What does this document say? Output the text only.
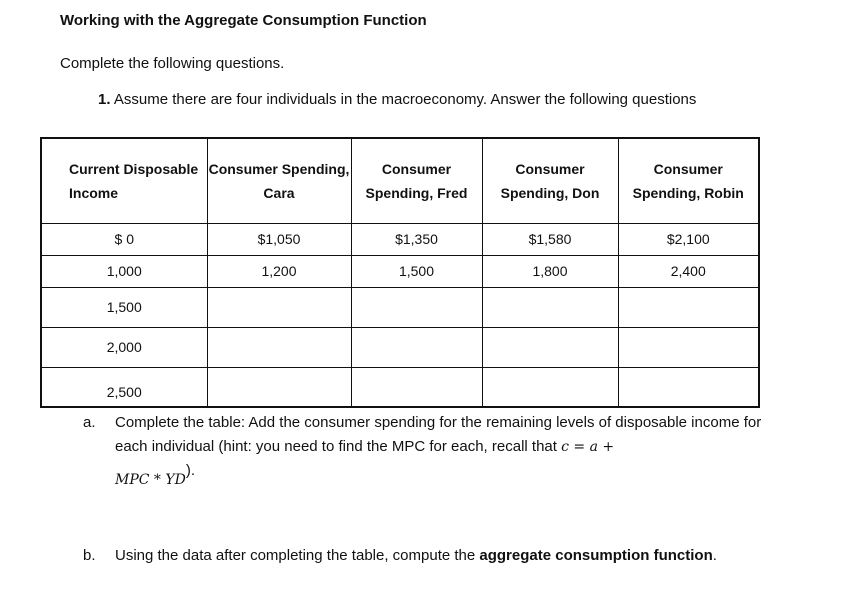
Working with the Aggregate Consumption Function
Complete the following questions.
1. Assume there are four individuals in the macroeconomy. Answer the following questions
Current Disposable Income	Consumer Spending, Cara	Consumer Spending, Fred	Consumer Spending, Don	Consumer Spending, Robin
$ 0	$1,050	$1,350	$1,580	$2,100
1,000	1,200	1,500	1,800	2,400
1,500				
2,000				
2,500				
a. Complete the table: Add the consumer spending for the remaining levels of disposable income for each individual (hint: you need to find the MPC for each, recall that c = a +
MPC * YD).
b. Using the data after completing the table, compute the aggregate consumption function.
